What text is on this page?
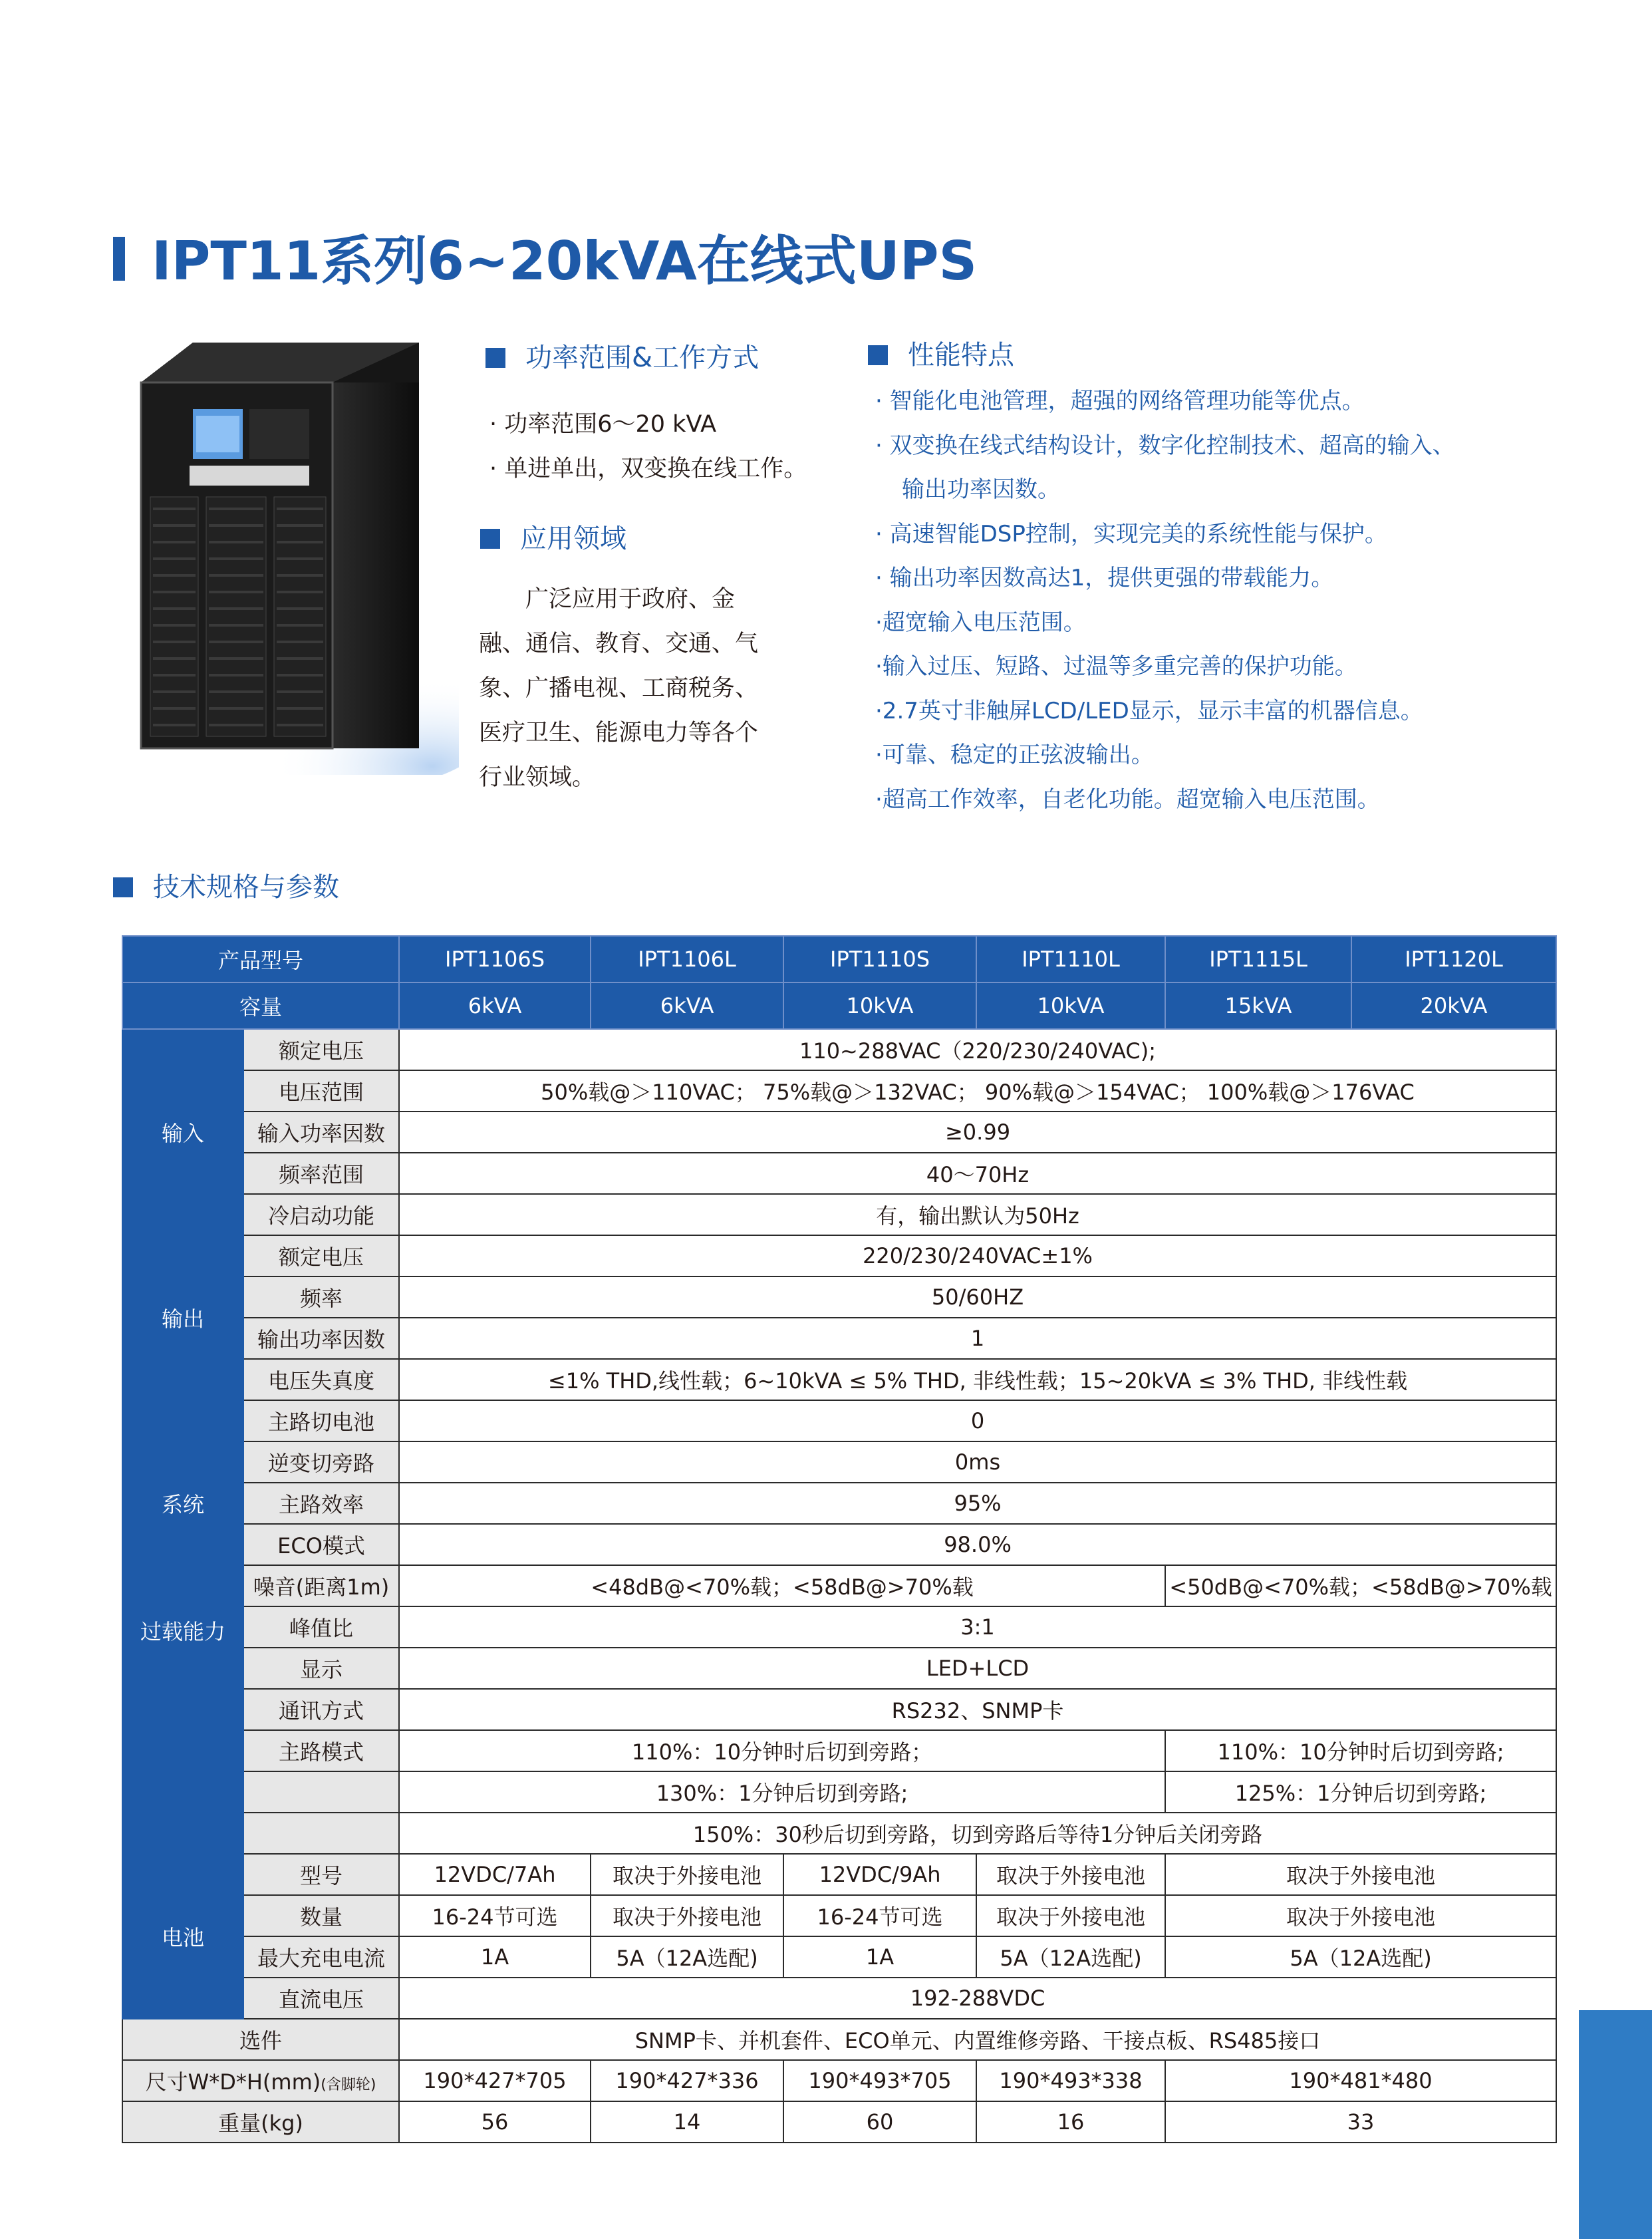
IPT11系列6~20kVA在线式UPS
功率范围&工作方式

· 功率范围6～20 kVA

· 单进单出，双变换在线工作。

应用领域

广泛应用于政府、金

融、通信、教育、交通、气

象、广播电视、工商税务、

医疗卫生、能源电力等各个

行业领域。

性能特点

· 智能化电池管理，超强的网络管理功能等优点。

· 双变换在线式结构设计，数字化控制技术、超高的输入、

输出功率因数。

· 高速智能DSP控制，实现完美的系统性能与保护。

· 输出功率因数高达1，提供更强的带载能力。

·超宽输入电压范围。

·输入过压、短路、过温等多重完善的保护功能。

·2.7英寸非触屏LCD/LED显示，显示丰富的机器信息。

·可靠、稳定的正弦波输出。

·超高工作效率，自老化功能。超宽输入电压范围。

技术规格与参数
产品型号		IPT1106S	IPT1106L	IPT1110S	IPT1110L	IPT1115L	IPT1120L
容量		6kVA	6kVA	10kVA	10kVA	15kVA	20kVA
输入	额定电压	110~288VAC（220/230/240VAC);					
	电压范围	50%载@＞110VAC； 75%载@＞132VAC； 90%载@＞154VAC； 100%载@＞176VAC					
	输入功率因数	≥0.99					
	频率范围	40～70Hz					
	冷启动功能	有，输出默认为50Hz					
输出	额定电压	220/230/240VAC±1%					
	频率	50/60HZ					
	输出功率因数	1					
	电压失真度	≤1% THD,线性载；6~10kVA ≤ 5% THD, 非线性载；15~20kVA ≤ 3% THD, 非线性载					
系统	主路切电池	0					
	逆变切旁路	0ms					
	主路效率	95%					
	ECO模式	98.0%					
	噪音(距离1m)	<48dB@<70%载；<58dB@>70%载				<50dB@<70%载；<58dB@>70%载	
过载能力	峰值比	3:1					
	显示	LED+LCD					
	通讯方式	RS232、SNMP卡					
	主路模式	110%：10分钟时后切到旁路；				110%：10分钟时后切到旁路;	
		130%：1分钟后切到旁路;				125%：1分钟后切到旁路;	
		150%：30秒后切到旁路，切到旁路后等待1分钟后关闭旁路					
电池	型号	12VDC/7Ah	取决于外接电池	12VDC/9Ah	取决于外接电池	取决于外接电池	
	数量	16-24节可选	取决于外接电池	16-24节可选	取决于外接电池	取决于外接电池	
	最大充电电流	1A	5A（12A选配)	1A	5A（12A选配)	5A（12A选配)	
	直流电压	192-288VDC					
选件		SNMP卡、并机套件、ECO单元、内置维修旁路、干接点板、RS485接口					
尺寸W*D*H(mm)(含脚轮)		190*427*705	190*427*336	190*493*705	190*493*338	190*481*480	
重量(kg)		56	14	60	16	33	
